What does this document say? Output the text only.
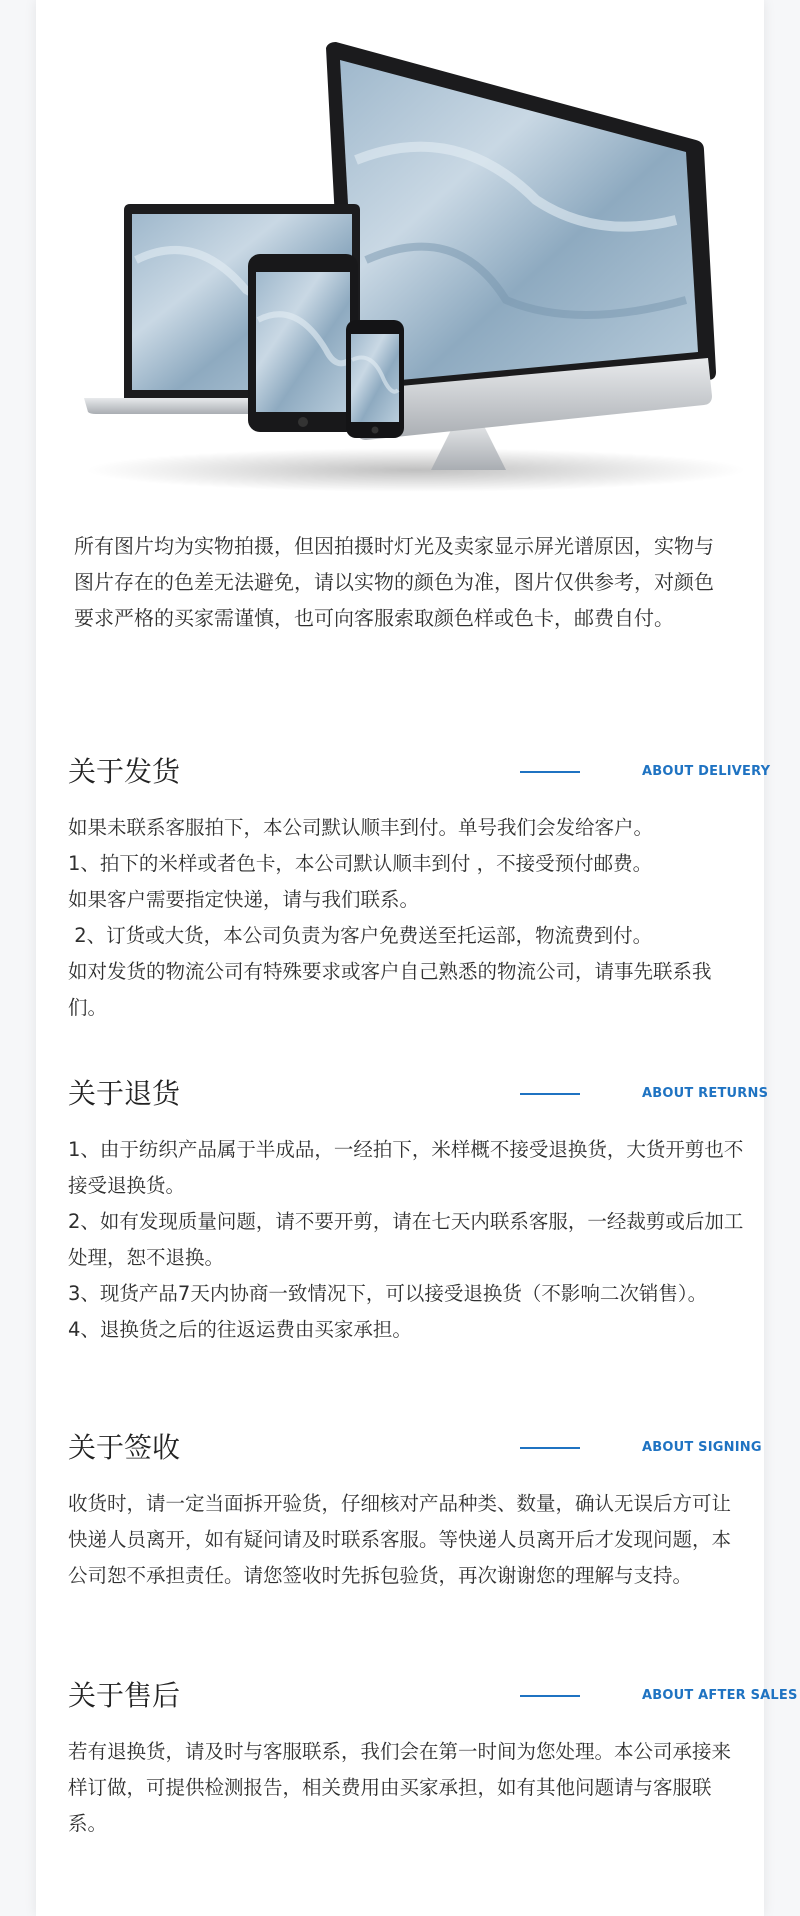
所有图片均为实物拍摄，但因拍摄时灯光及卖家显示屏光谱原因，实物与图片存在的色差无法避免，请以实物的颜色为准，图片仅供参考，对颜色要求严格的买家需谨慎，也可向客服索取颜色样或色卡，邮费自付。

关于发货	ABOUT DELIVERY
如果未联系客服拍下，本公司默认顺丰到付。单号我们会发给客户。
1、拍下的米样或者色卡，本公司默认顺丰到付 ，不接受预付邮费。
如果客户需要指定快递，请与我们联系。
2、订货或大货，本公司负责为客户免费送至托运部，物流费到付。
如对发货的物流公司有特殊要求或客户自己熟悉的物流公司，请事先联系我们。
关于退货	ABOUT RETURNS
1、由于纺织产品属于半成品，一经拍下，米样概不接受退换货，大货开剪也不接受退换货。
2、如有发现质量问题，请不要开剪，请在七天内联系客服，一经裁剪或后加工处理，恕不退换。
3、现货产品7天内协商一致情况下，可以接受退换货（不影响二次销售）。
4、退换货之后的往返运费由买家承担。
关于签收	ABOUT SIGNING
收货时，请一定当面拆开验货，仔细核对产品种类、数量，确认无误后方可让快递人员离开，如有疑问请及时联系客服。等快递人员离开后才发现问题，本公司恕不承担责任。请您签收时先拆包验货，再次谢谢您的理解与支持。
关于售后	ABOUT AFTER SALES
若有退换货，请及时与客服联系，我们会在第一时间为您处理。本公司承接来样订做，可提供检测报告，相关费用由买家承担，如有其他问题请与客服联系。
